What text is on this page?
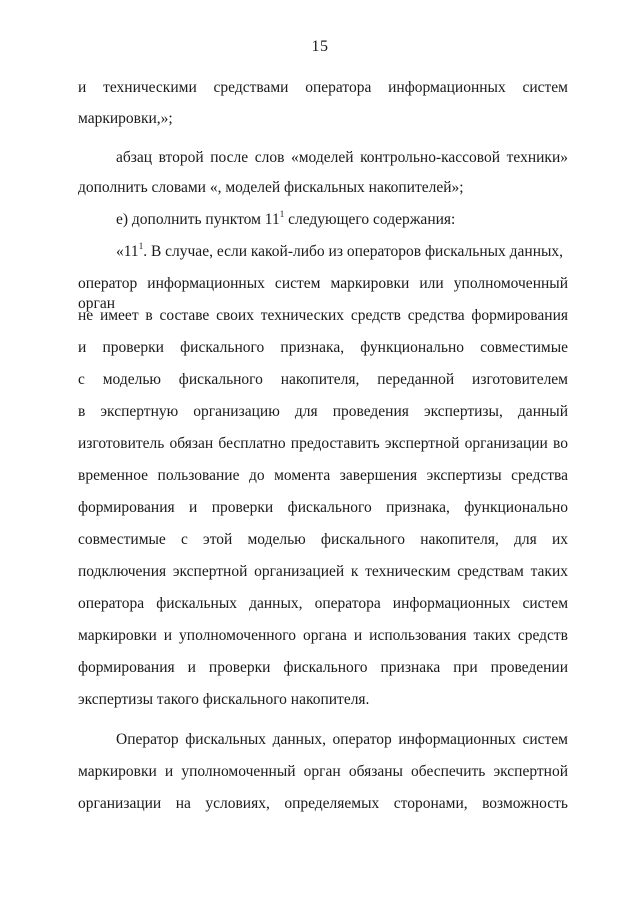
15
и техническими средствами оператора информационных систем
маркировки,»;
абзац второй после слов «моделей контрольно-кассовой техники»
дополнить словами «, моделей фискальных накопителей»;
е) дополнить пунктом $11^1$ следующего содержания:
«$11^1$. В случае, если какой-либо из операторов фискальных данных,
оператор информационных систем маркировки или уполномоченный орган
не имеет в составе своих технических средств средства формирования
и проверки фискального признака, функционально совместимые
с моделью фискального накопителя, переданной изготовителем
в экспертную организацию для проведения экспертизы, данный
изготовитель обязан бесплатно предоставить экспертной организации во
временное пользование до момента завершения экспертизы средства
формирования и проверки фискального признака, функционально
совместимые с этой моделью фискального накопителя, для их
подключения экспертной организацией к техническим средствам таких
оператора фискальных данных, оператора информационных систем
маркировки и уполномоченного органа и использования таких средств
формирования и проверки фискального признака при проведении
экспертизы такого фискального накопителя.
Оператор фискальных данных, оператор информационных систем
маркировки и уполномоченный орган обязаны обеспечить экспертной
организации на условиях, определяемых сторонами, возможность
